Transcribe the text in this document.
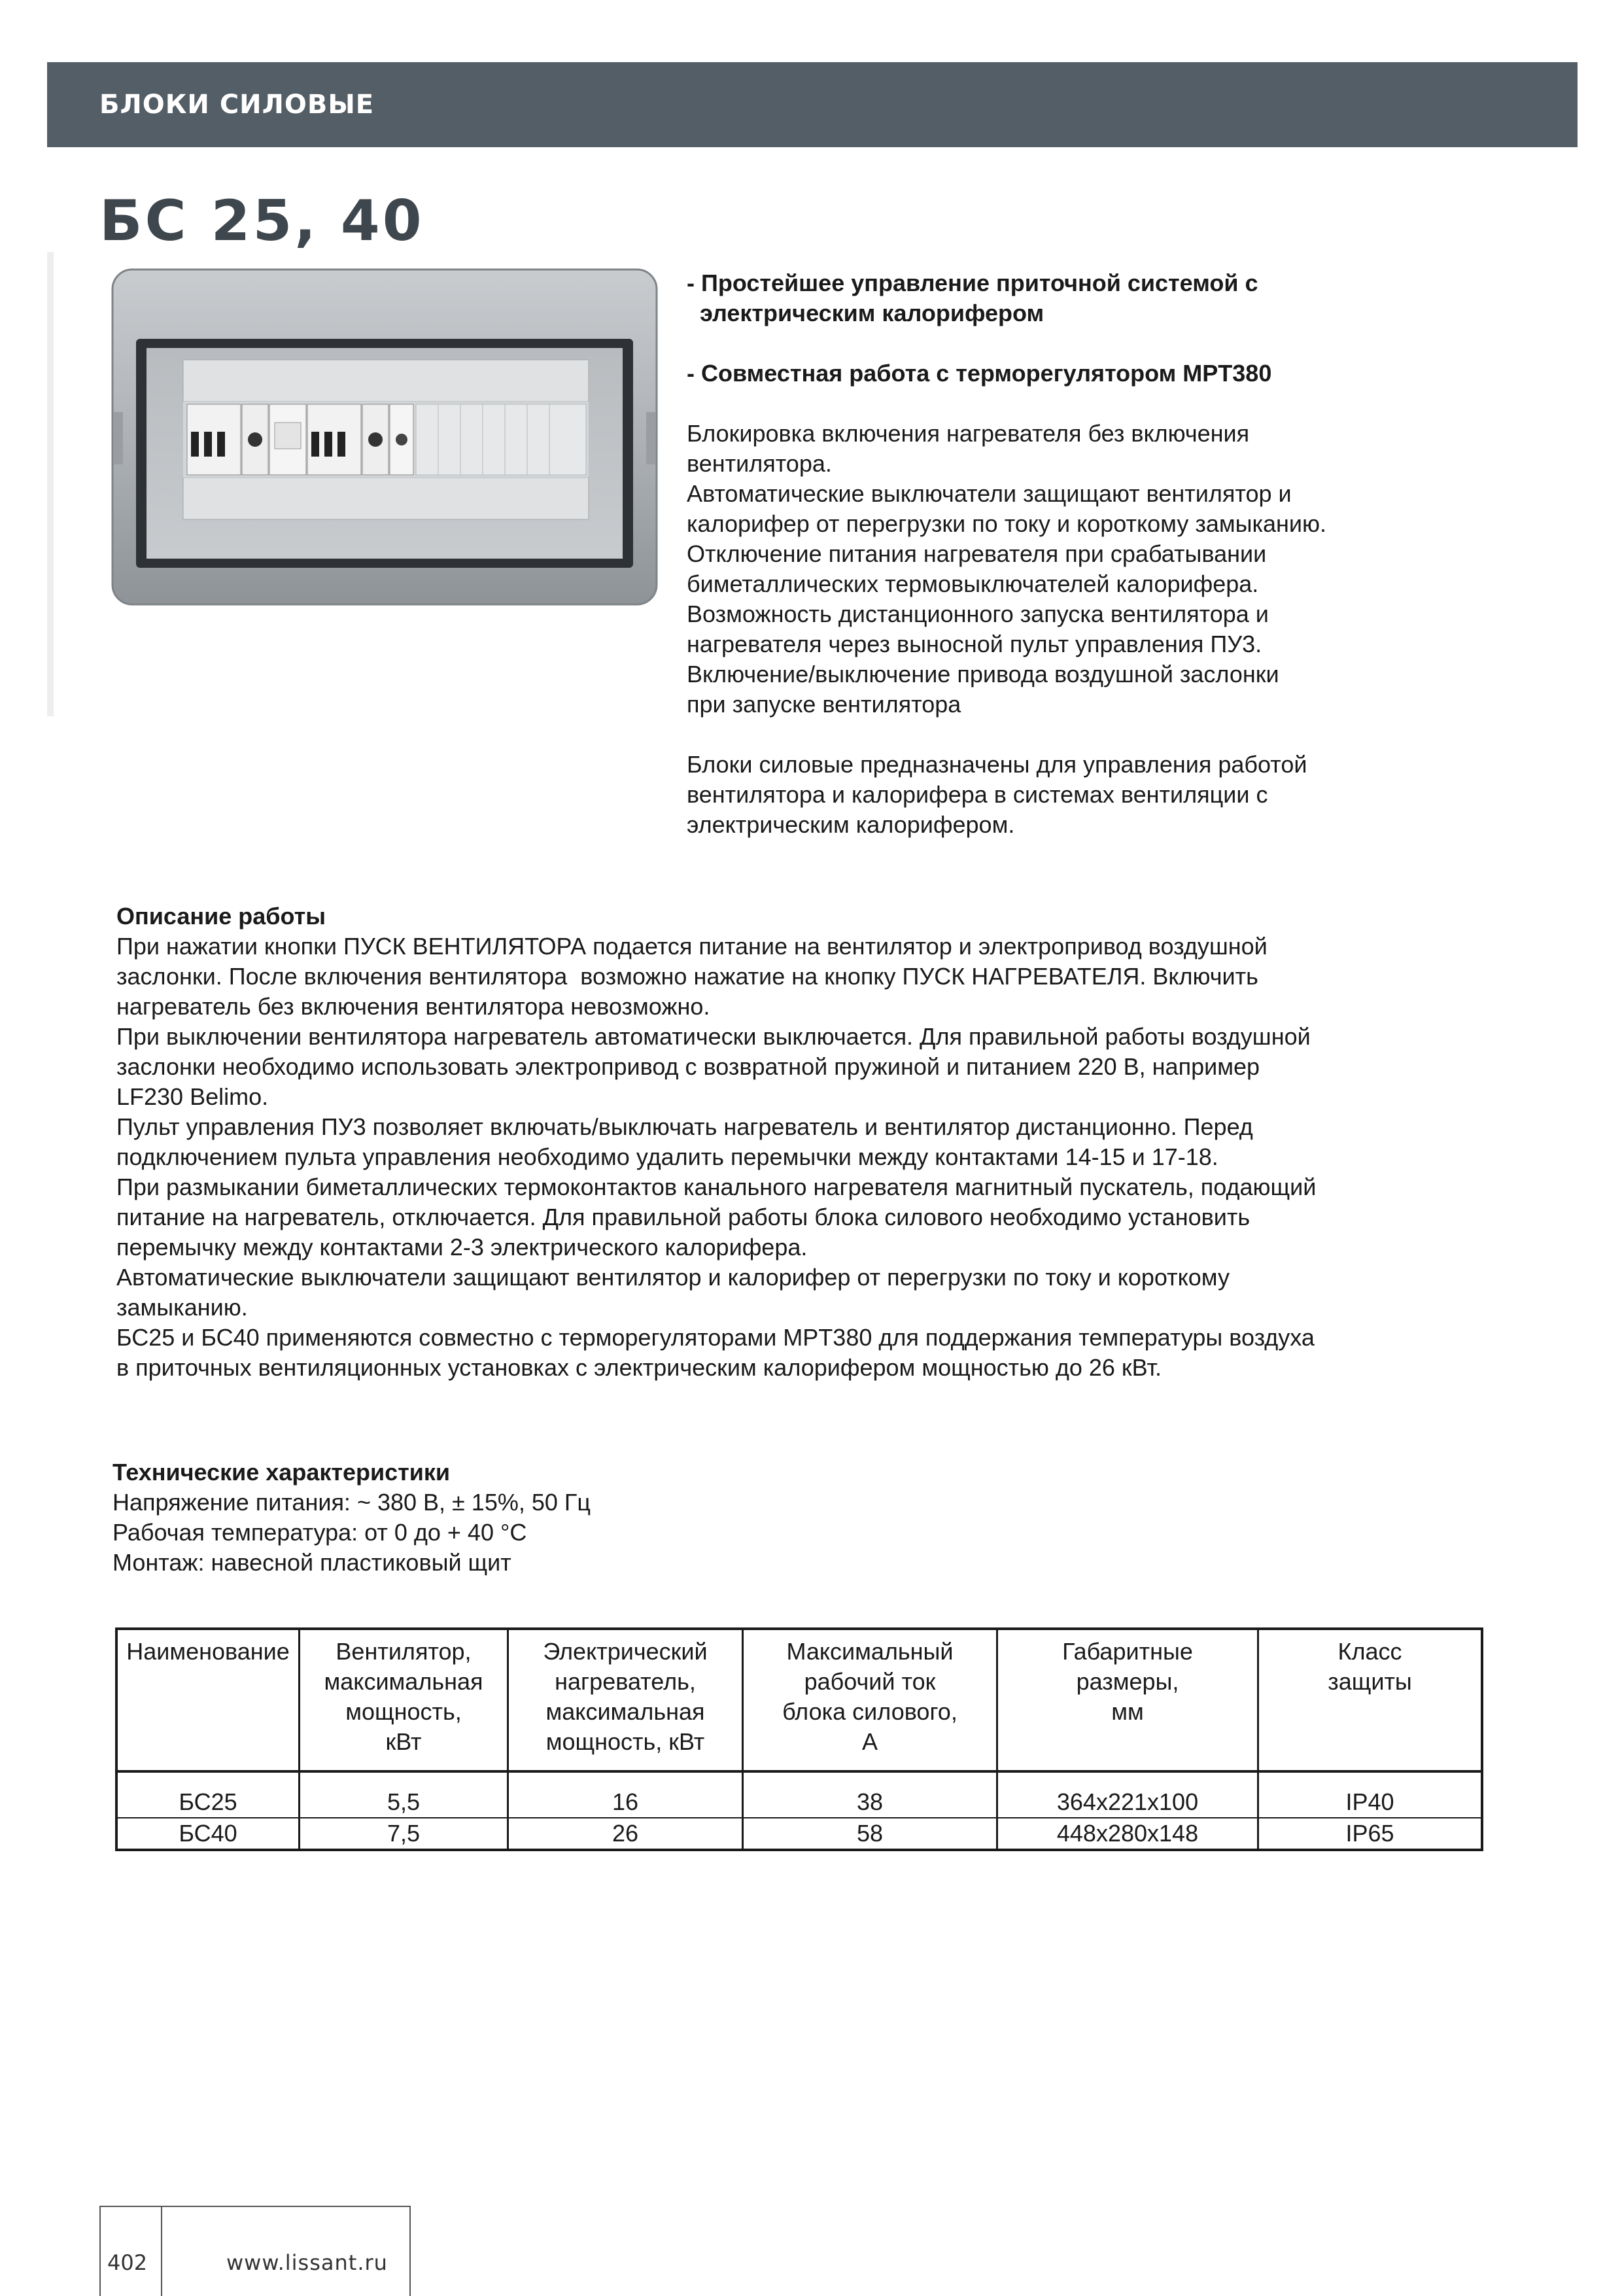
БЛОКИ СИЛОВЫЕ
БС 25, 40
- Простейшее управление приточной системой с
электрическим калорифером
- Совместная работа с терморегулятором MPT380
Блокировка включения нагревателя без включения
вентилятора.
Автоматические выключатели защищают вентилятор и
калорифер от перегрузки по току и короткому замыканию.
Отключение питания нагревателя при срабатывании
биметаллических термовыключателей калорифера.
Возможность дистанционного запуска вентилятора и
нагревателя через выносной пульт управления ПУ3.
Включение/выключение привода воздушной заслонки
при запуске вентилятора
Блоки силовые предназначены для управления работой
вентилятора и калорифера в системах вентиляции с
электрическим калорифером.
Описание работы
При нажатии кнопки ПУСК ВЕНТИЛЯТОРА подается питание на вентилятор и электропривод воздушной
заслонки. После включения вентилятора  возможно нажатие на кнопку ПУСК НАГРЕВАТЕЛЯ. Включить
нагреватель без включения вентилятора невозможно.
При выключении вентилятора нагреватель автоматически выключается. Для правильной работы воздушной
заслонки необходимо использовать электропривод с возвратной пружиной и питанием 220 В, например
LF230 Belimo.
Пульт управления ПУ3 позволяет включать/выключать нагреватель и вентилятор дистанционно. Перед
подключением пульта управления необходимо удалить перемычки между контактами 14-15 и 17-18.
При размыкании биметаллических термоконтактов канального нагревателя магнитный пускатель, подающий
питание на нагреватель, отключается. Для правильной работы блока силового необходимо установить
перемычку между контактами 2-3 электрического калорифера.
Автоматические выключатели защищают вентилятор и калорифер от перегрузки по току и короткому
замыканию.
БС25 и БС40 применяются совместно с терморегуляторами MPT380 для поддержания температуры воздуха
в приточных вентиляционных установках с электрическим калорифером мощностью до 26 кВт.
Технические характеристики
Напряжение питания: ~ 380 В, ± 15%, 50 Гц
Рабочая температура: от 0 до + 40 °С
Монтаж: навесной пластиковый щит
Наименование	Вентилятор,
максимальная
мощность,
кВт	Электрический
нагреватель,
максимальная
мощность, кВт	Максимальный
рабочий ток
блока силового,
А	Габаритные
размеры,
мм	Класс
защиты
БС25	5,5	16	38	364х221х100	IP40
БС40	7,5	26	58	448х280х148	IP65
402	www.lissant.ru
